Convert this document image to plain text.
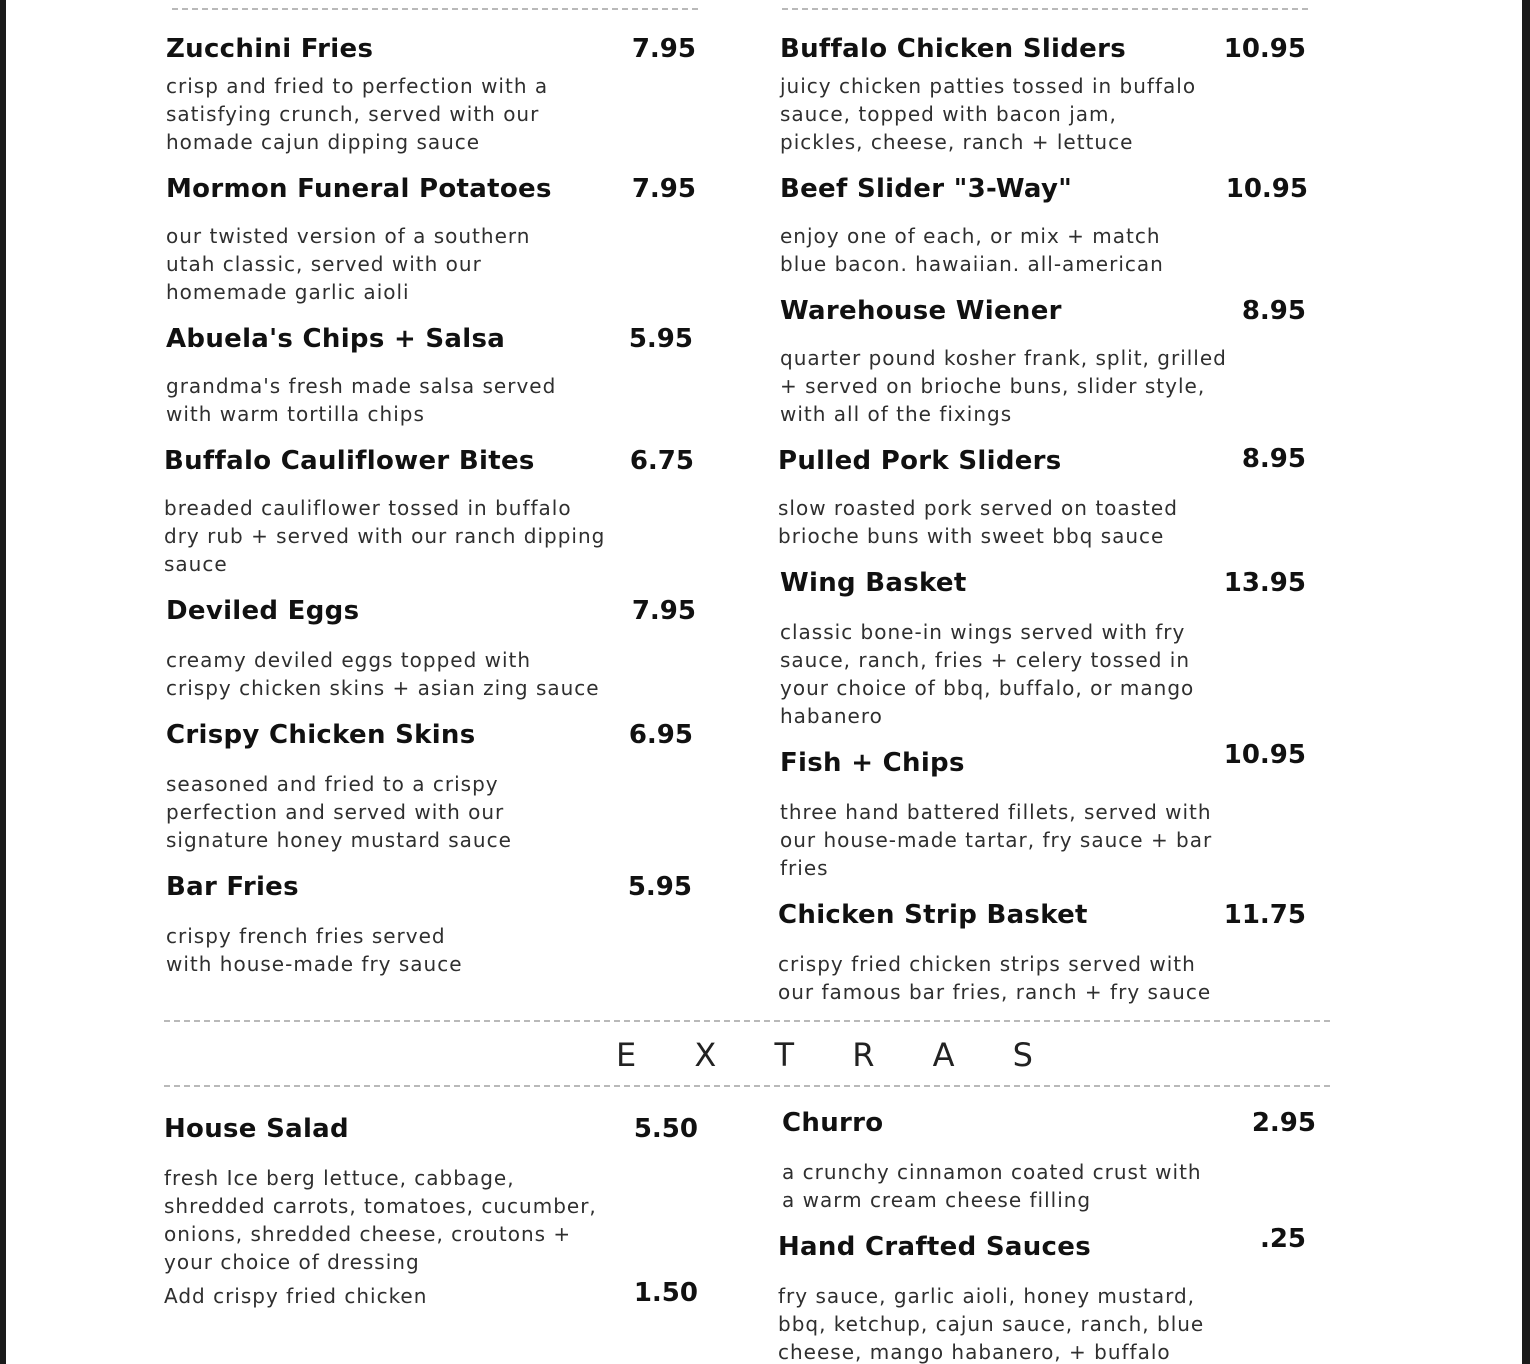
Zucchini Fries	7.95

crisp and fried to perfection with a
satisfying crunch, served with our
homade cajun dipping sauce

Mormon Funeral Potatoes	7.95

our twisted version of a southern
utah classic, served with our
homemade garlic aioli

Abuela's Chips + Salsa	5.95

grandma's fresh made salsa served
with warm tortilla chips

Buffalo Cauliflower Bites	6.75

breaded cauliflower tossed in buffalo
dry rub + served with our ranch dipping
sauce

Deviled Eggs	7.95

creamy deviled eggs topped with
crispy chicken skins + asian zing sauce

Crispy Chicken Skins	6.95

seasoned and fried to a crispy
perfection and served with our
signature honey mustard sauce

Bar Fries	5.95

crispy french fries served
with house-made fry sauce

Buffalo Chicken Sliders	10.95

juicy chicken patties tossed in buffalo
sauce, topped with bacon jam,
pickles, cheese, ranch + lettuce

Beef Slider "3-Way"	10.95

enjoy one of each, or mix + match
blue bacon. hawaiian. all-american

Warehouse Wiener	8.95

quarter pound kosher frank, split, grilled
+ served on brioche buns, slider style,
with all of the fixings

Pulled Pork Sliders	8.95

slow roasted pork served on toasted
brioche buns with sweet bbq sauce

Wing Basket	13.95

classic bone-in wings served with fry
sauce, ranch, fries + celery tossed in
your choice of bbq, buffalo, or mango
habanero

Fish + Chips	10.95

three hand battered fillets, served with
our house-made tartar, fry sauce + bar
fries

Chicken Strip Basket	11.75

crispy fried chicken strips served with
our famous bar fries, ranch + fry sauce

E X T R A S
House Salad	5.50

fresh Ice berg lettuce, cabbage,
shredded carrots, tomatoes, cucumber,
onions, shredded cheese, croutons +
your choice of dressing

Add crispy fried chicken	1.50
Churro	2.95

a crunchy cinnamon coated crust with
a warm cream cheese filling

Hand Crafted Sauces	.25

fry sauce, garlic aioli, honey mustard,
bbq, ketchup, cajun sauce, ranch, blue
cheese, mango habanero, + buffalo
